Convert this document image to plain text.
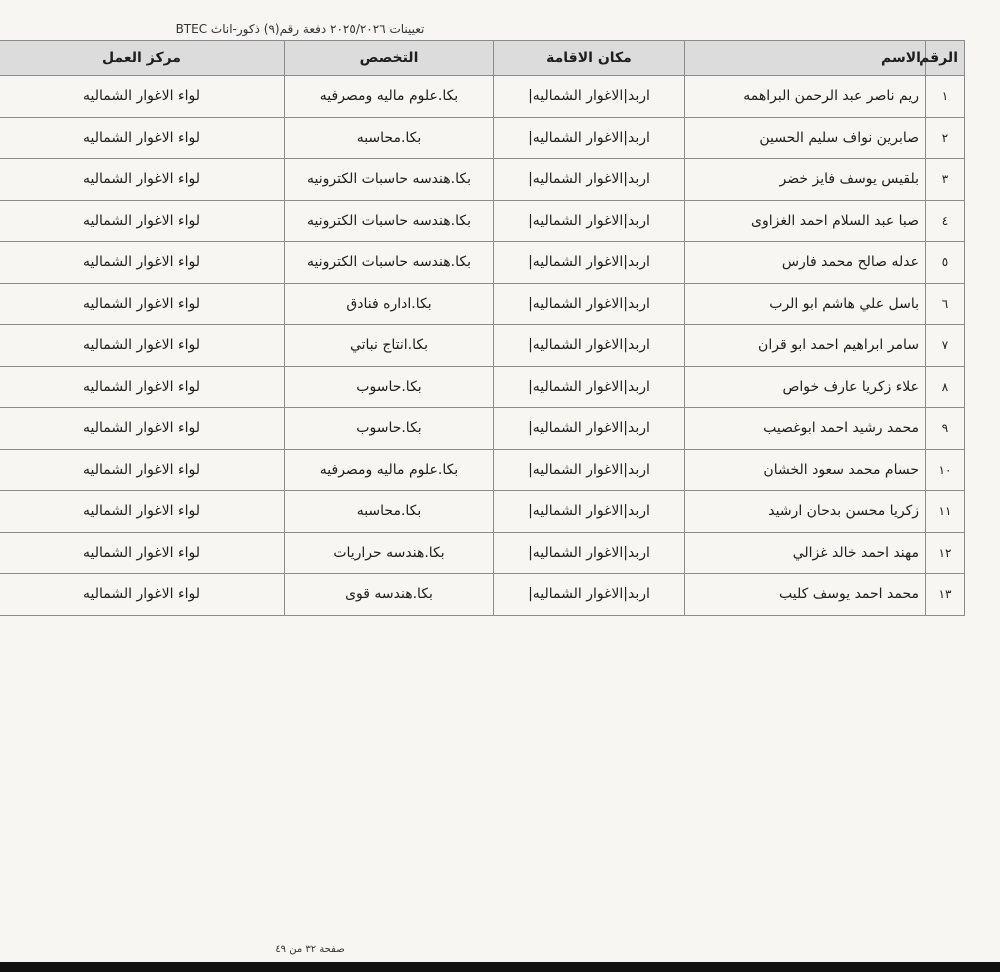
تعيينات ٢٠٢٥/٢٠٢٦ دفعة رقم(٩) ذكور-اناث BTEC
الرقم	الاسم	مكان الاقامة	التخصص	مركز العمل
١	ريم ناصر عبد الرحمن البراهمه	اربد|الاغوار الشماليه|	بكا.علوم ماليه ومصرفيه	لواء الاغوار الشماليه
٢	صابرين نواف سليم الحسين	اربد|الاغوار الشماليه|	بكا.محاسبه	لواء الاغوار الشماليه
٣	بلقيس يوسف فايز خضر	اربد|الاغوار الشماليه|	بكا.هندسه حاسبات الكترونيه	لواء الاغوار الشماليه
٤	صبا عبد السلام احمد الغزاوى	اربد|الاغوار الشماليه|	بكا.هندسه حاسبات الكترونيه	لواء الاغوار الشماليه
٥	عدله صالح محمد فارس	اربد|الاغوار الشماليه|	بكا.هندسه حاسبات الكترونيه	لواء الاغوار الشماليه
٦	باسل علي هاشم ابو الرب	اربد|الاغوار الشماليه|	بكا.اداره فنادق	لواء الاغوار الشماليه
٧	سامر ابراهيم احمد ابو قران	اربد|الاغوار الشماليه|	بكا.انتاج نباتي	لواء الاغوار الشماليه
٨	علاء زكريا عارف خواص	اربد|الاغوار الشماليه|	بكا.حاسوب	لواء الاغوار الشماليه
٩	محمد رشيد احمد ابوغصيب	اربد|الاغوار الشماليه|	بكا.حاسوب	لواء الاغوار الشماليه
١٠	حسام محمد سعود الخشان	اربد|الاغوار الشماليه|	بكا.علوم ماليه ومصرفيه	لواء الاغوار الشماليه
١١	زكريا محسن بدحان ارشيد	اربد|الاغوار الشماليه|	بكا.محاسبه	لواء الاغوار الشماليه
١٢	مهند احمد خالد غزالي	اربد|الاغوار الشماليه|	بكا.هندسه حراريات	لواء الاغوار الشماليه
١٣	محمد احمد يوسف كليب	اربد|الاغوار الشماليه|	بكا.هندسه قوى	لواء الاغوار الشماليه
صفحة ٣٢ من ٤٩
